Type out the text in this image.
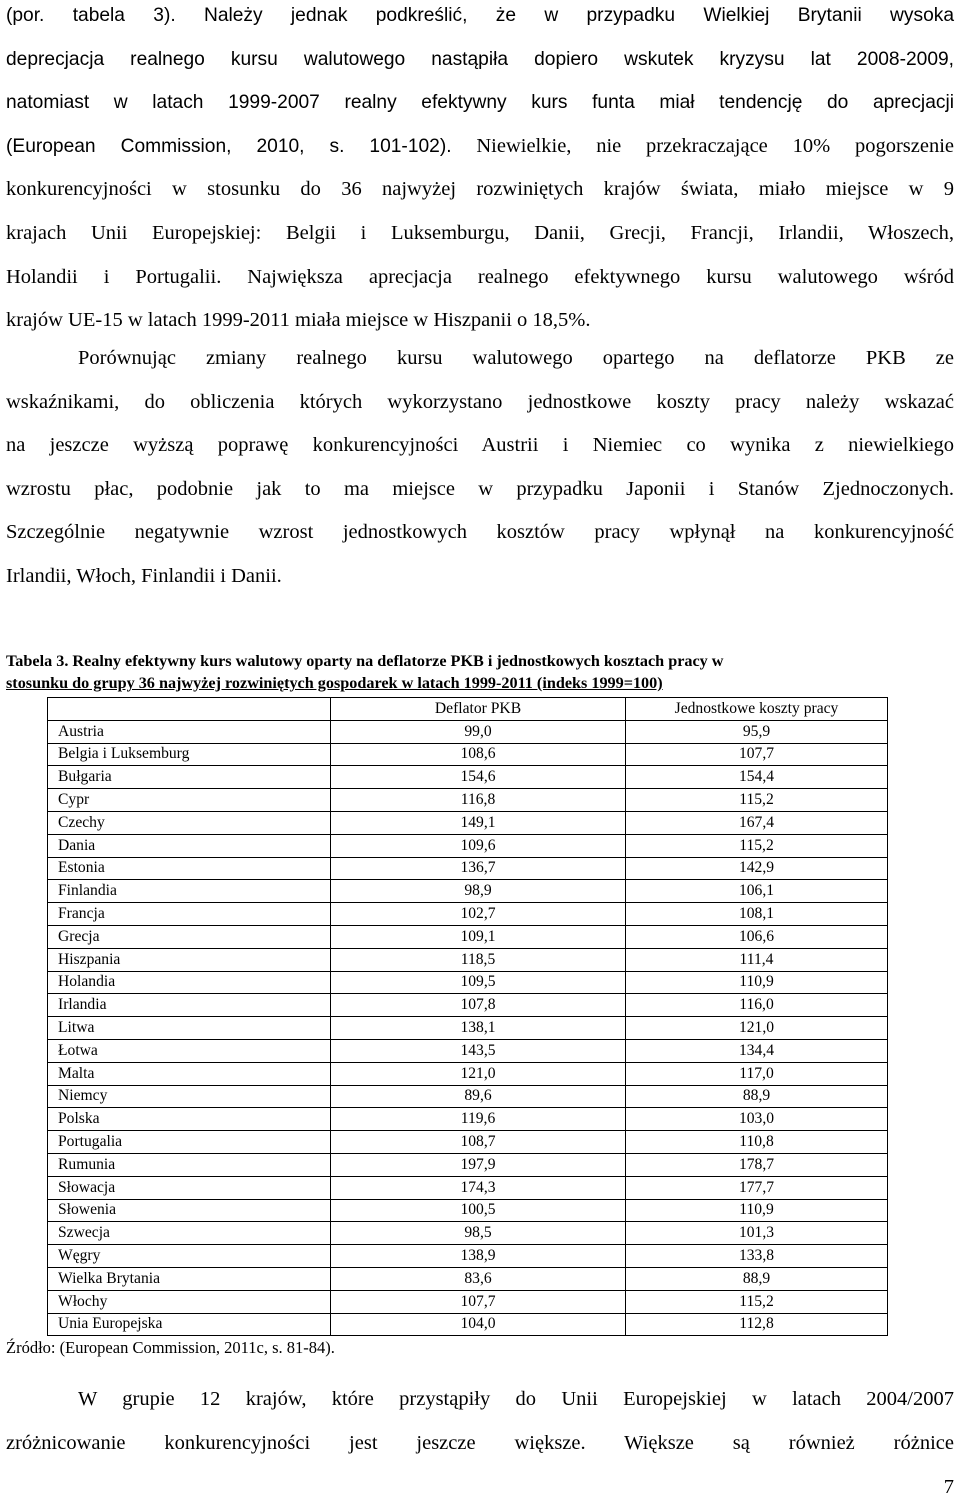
(por. tabela 3). Należy jednak podkreślić, że w przypadku Wielkiej Brytanii wysoka
deprecjacja realnego kursu walutowego nastąpiła dopiero wskutek kryzysu lat 2008-2009,
natomiast w latach 1999-2007 realny efektywny kurs funta miał tendencję do aprecjacji
(European Commission, 2010, s. 101-102). Niewielkie, nie przekraczające 10% pogorszenie
konkurencyjności w stosunku do 36 najwyżej rozwiniętych krajów świata, miało miejsce w 9
krajach Unii Europejskiej: Belgii i Luksemburgu, Danii, Grecji, Francji, Irlandii, Włoszech,
Holandii i Portugalii. Największa aprecjacja realnego efektywnego kursu walutowego wśród
krajów UE-15 w latach 1999-2011 miała miejsce w Hiszpanii o 18,5%.

Porównując zmiany realnego kursu walutowego opartego na deflatorze PKB ze
wskaźnikami, do obliczenia których wykorzystano jednostkowe koszty pracy należy wskazać
na jeszcze wyższą poprawę konkurencyjności Austrii i Niemiec co wynika z niewielkiego
wzrostu płac, podobnie jak to ma miejsce w przypadku Japonii i Stanów Zjednoczonych.
Szczególnie negatywnie wzrost jednostkowych kosztów pracy wpłynął na konkurencyjność
Irlandii, Włoch, Finlandii i Danii.

Tabela 3. Realny efektywny kurs walutowy oparty na deflatorze PKB i jednostkowych kosztach pracy w
stosunku do grupy 36 najwyżej rozwiniętych gospodarek w latach 1999-2011 (indeks 1999=100)

	Deflator PKB	Jednostkowe koszty pracy
Austria	99,0	95,9
Belgia i Luksemburg	108,6	107,7
Bułgaria	154,6	154,4
Cypr	116,8	115,2
Czechy	149,1	167,4
Dania	109,6	115,2
Estonia	136,7	142,9
Finlandia	98,9	106,1
Francja	102,7	108,1
Grecja	109,1	106,6
Hiszpania	118,5	111,4
Holandia	109,5	110,9
Irlandia	107,8	116,0
Litwa	138,1	121,0
Łotwa	143,5	134,4
Malta	121,0	117,0
Niemcy	89,6	88,9
Polska	119,6	103,0
Portugalia	108,7	110,8
Rumunia	197,9	178,7
Słowacja	174,3	177,7
Słowenia	100,5	110,9
Szwecja	98,5	101,3
Węgry	138,9	133,8
Wielka Brytania	83,6	88,9
Włochy	107,7	115,2
Unia Europejska	104,0	112,8

Źródło: (European Commission, 2011c, s. 81-84).

W grupie 12 krajów, które przystąpiły do Unii Europejskiej w latach 2004/2007
zróżnicowanie konkurencyjności jest jeszcze większe. Większe są również różnice

7
